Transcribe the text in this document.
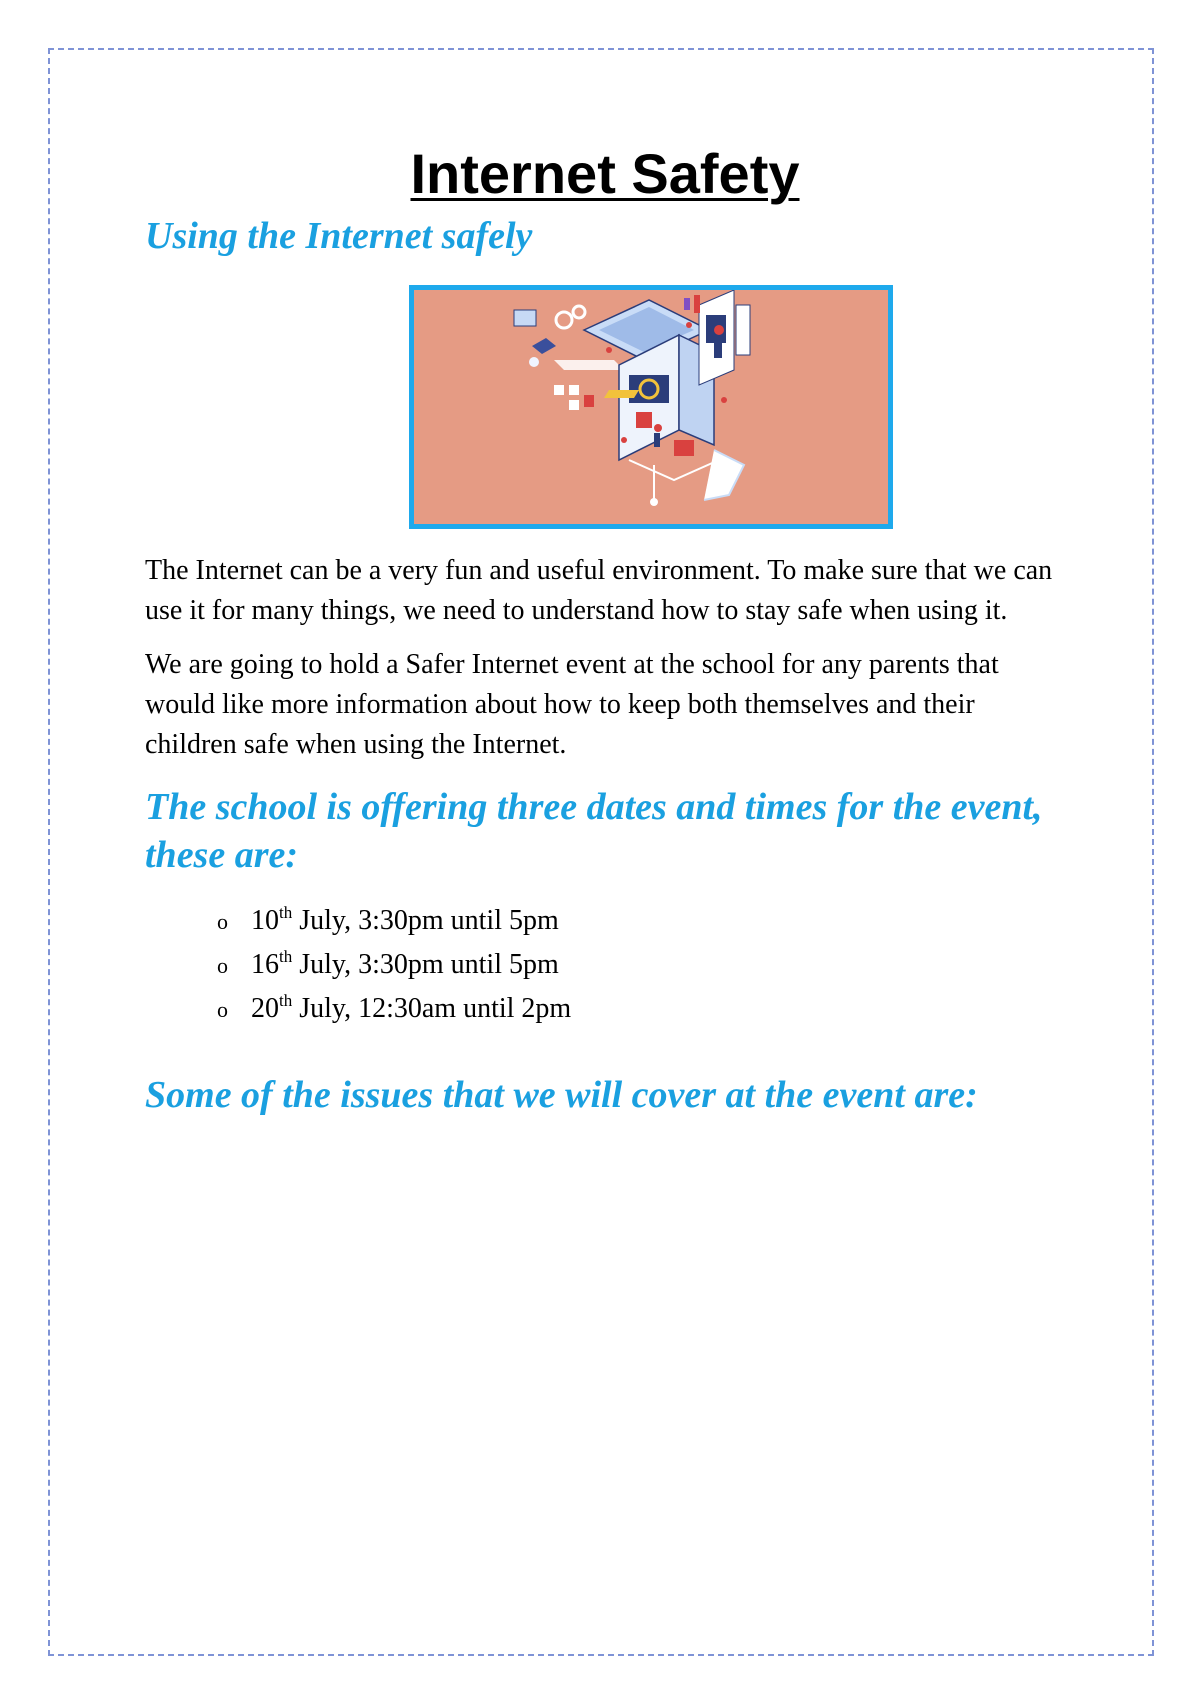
Internet Safety
Using the Internet safely

The Internet can be a very fun and useful environment. To make sure that we can use it for many things, we need to understand how to stay safe when using it.

We are going to hold a Safer Internet event at the school for any parents that would like more information about how to keep both themselves and their children safe when using the Internet.

The school is offering three dates and times for the event, these are:
o 10th July, 3:30pm until 5pm
o 16th July, 3:30pm until 5pm
o 20th July, 12:30am until 2pm
Some of the issues that we will cover at the event are:
